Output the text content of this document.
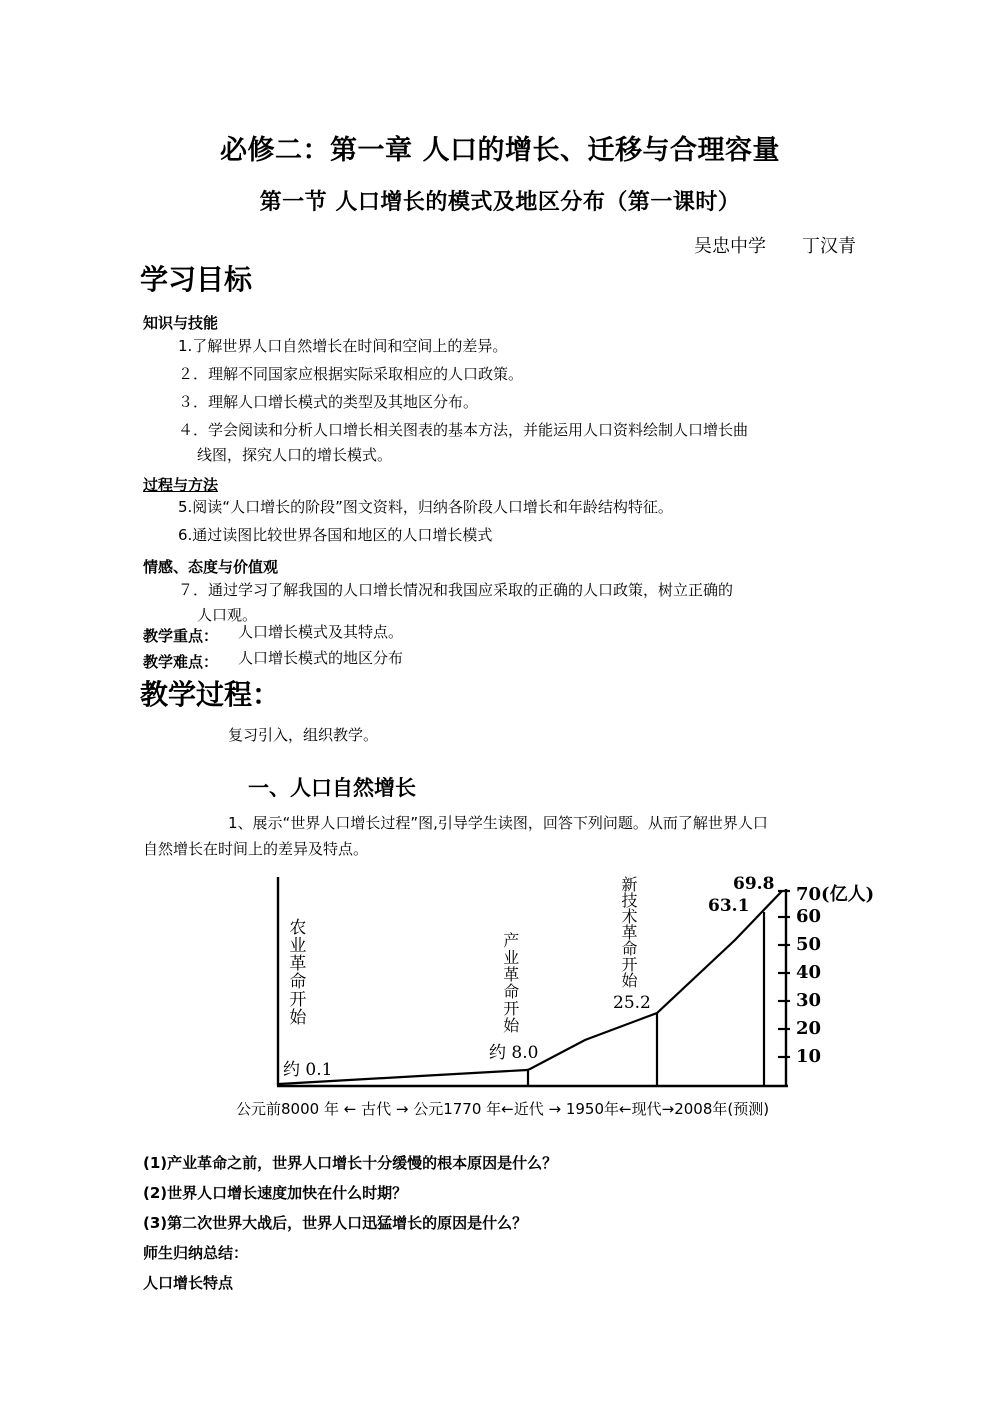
必修二：第一章 人口的增长、迁移与合理容量
第一节 人口增长的模式及地区分布（第一课时）
吴忠中学　　丁汉青
学习目标
知识与技能
1.了解世界人口自然增长在时间和空间上的差异。
２．理解不同国家应根据实际采取相应的人口政策。
３．理解人口增长模式的类型及其地区分布。
４．学会阅读和分析人口增长相关图表的基本方法，并能运用人口资料绘制人口增长曲
线图，探究人口的增长模式。
过程与方法
5.阅读“人口增长的阶段”图文资料，归纳各阶段人口增长和年龄结构特征。
6.通过读图比较世界各国和地区的人口增长模式
情感、态度与价值观
７．通过学习了解我国的人口增长情况和我国应采取的正确的人口政策，树立正确的
人口观。
教学重点： 人口增长模式及其特点。
教学难点： 人口增长模式的地区分布
教学过程：
复习引入，组织教学。
一、人口自然增长
1、展示“世界人口增长过程”图,引导学生读图，回答下列问题。从而了解世界人口
自然增长在时间上的差异及特点。
农业革命开始	产业革命开始	新技术革命开始
约 0.1
约 8.0
25.2
63.1
69.8 70(亿人)
60
50
40
30
20
10
公元前8000 年 ← 古代 → 公元1770 年←近代 → 1950年←现代→2008年(预测)
(1)产业革命之前，世界人口增长十分缓慢的根本原因是什么？
(2)世界人口增长速度加快在什么时期？
(3)第二次世界大战后，世界人口迅猛增长的原因是什么？
师生归纳总结：
人口增长特点
